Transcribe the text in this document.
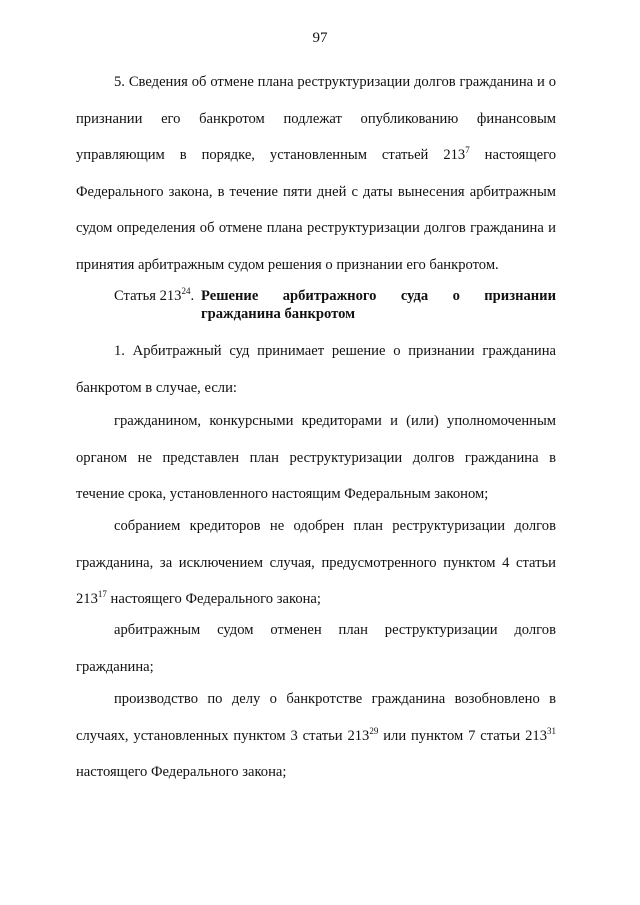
97

5. Сведения об отмене плана реструктуризации долгов гражданина и о признании его банкротом подлежат опубликованию финансовым управляющим в порядке, установленным статьей $213^7$ настоящего Федерального закона, в течение пяти дней с даты вынесения арбитражным судом определения об отмене плана реструктуризации долгов гражданина и принятия арбитражным судом решения о признании его банкротом.

Статья $213^{24}$. Решение арбитражного суда о признании
гражданина банкротом

1. Арбитражный суд принимает решение о признании гражданина банкротом в случае, если:

гражданином, конкурсными кредиторами и (или) уполномоченным органом не представлен план реструктуризации долгов гражданина в течение срока, установленного настоящим Федеральным законом;

собранием кредиторов не одобрен план реструктуризации долгов гражданина, за исключением случая, предусмотренного пунктом 4 статьи $213^{17}$ настоящего Федерального закона;

арбитражным судом отменен план реструктуризации долгов гражданина;

производство по делу о банкротстве гражданина возобновлено в случаях, установленных пунктом 3 статьи $213^{29}$ или пунктом 7 статьи $213^{31}$ настоящего Федерального закона;
